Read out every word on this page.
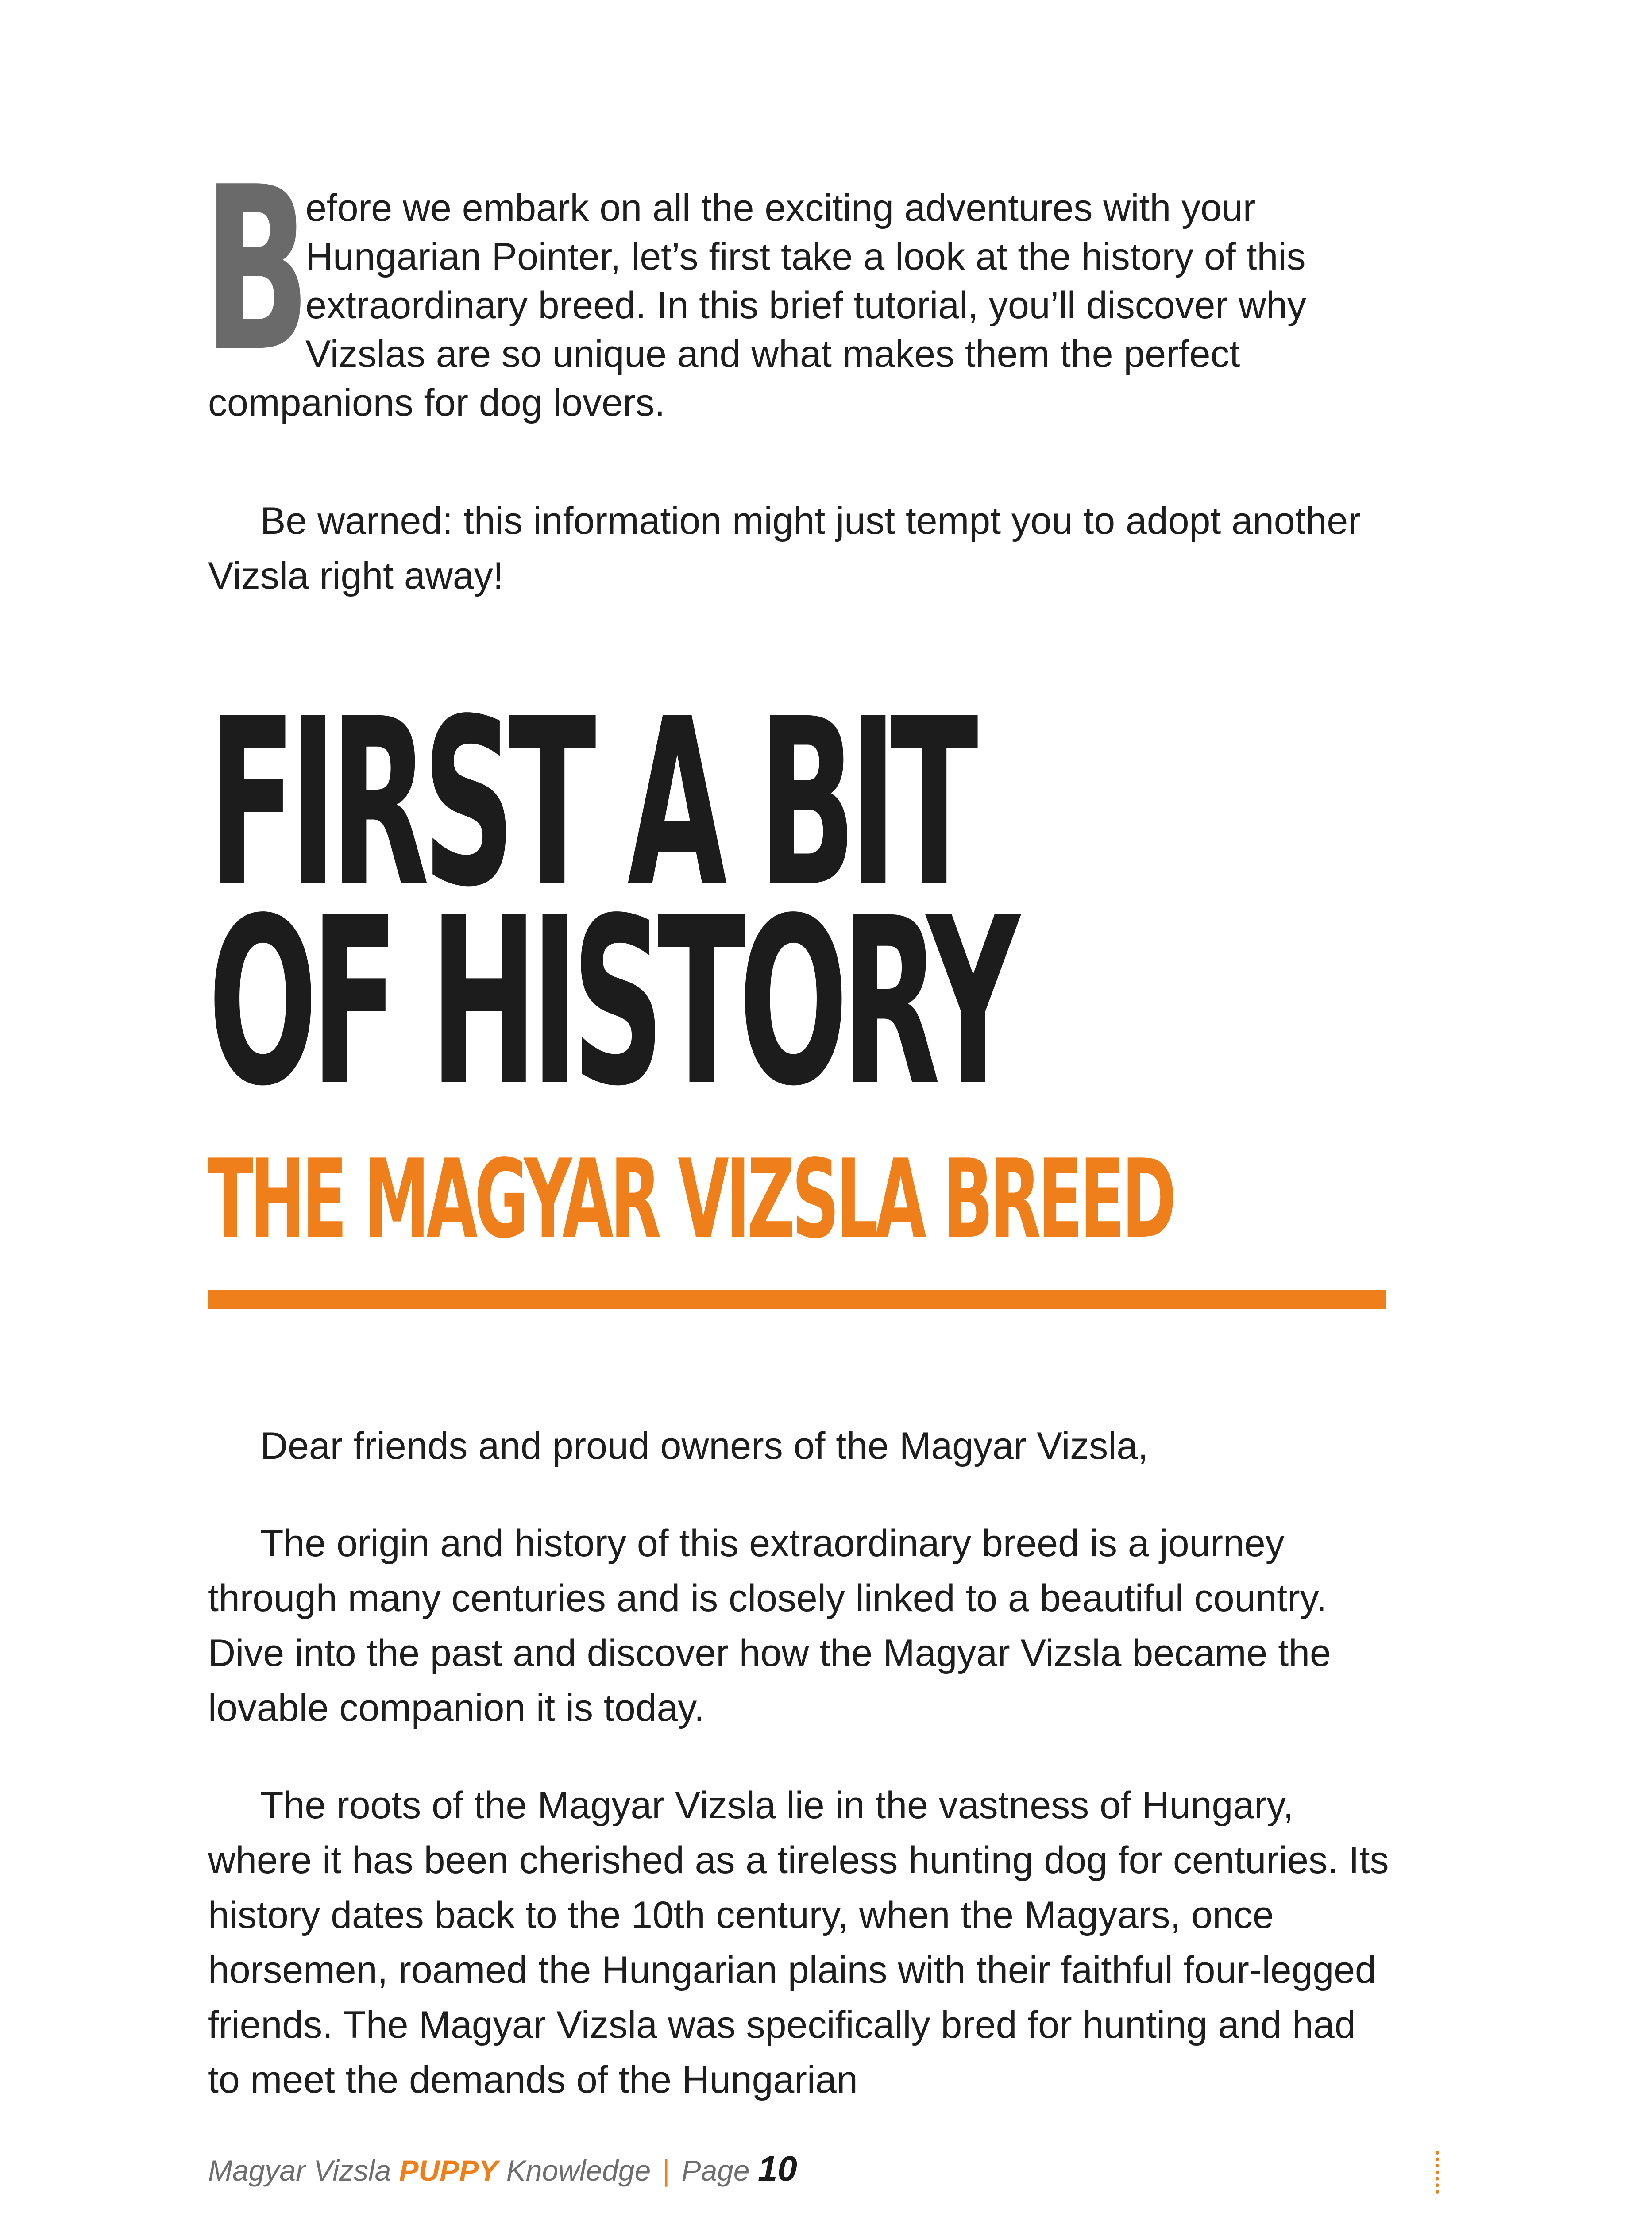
B
efore we embark on all the exciting adventures with your Hungarian Pointer, let’s first take a look at the history of this extraordinary breed. In this brief tutorial, you’ll discover why Vizslas are so unique and what makes them the perfect companions for dog lovers.

Be warned: this information might just tempt you to adopt another Vizsla right away!

FIRST A BIT
OF HISTORY
THE MAGYAR VIZSLA BREED

Dear friends and proud owners of the Magyar Vizsla,

The origin and history of this extraordinary breed is a journey through many centuries and is closely linked to a beautiful country. Dive into the past and discover how the Magyar Vizsla became the lovable companion it is today.

The roots of the Magyar Vizsla lie in the vastness of Hungary, where it has been cherished as a tireless hunting dog for centuries. Its history dates back to the 10th century, when the Magyars, once horsemen, roamed the Hungarian plains with their faithful four-legged friends. The Magyar Vizsla was specifically bred for hunting and had to meet the demands of the Hungarian

Magyar Vizsla PUPPY Knowledge | Page 10
